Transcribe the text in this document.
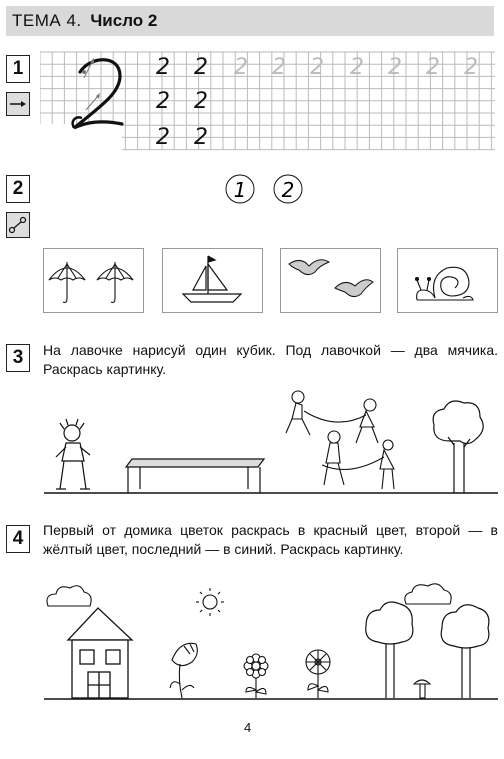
ТЕМА 4. Число 2
1	2 2 2 2 2 2 2 2 2
2 2
2 2
2	1 2
3	На лавочке нарисуй один кубик. Под лавочкой — два мячика. Раскрась картинку.
4	Первый от домика цветок раскрась в красный цвет, второй — в жёлтый цвет, последний — в синий. Раскрась картинку.
4
